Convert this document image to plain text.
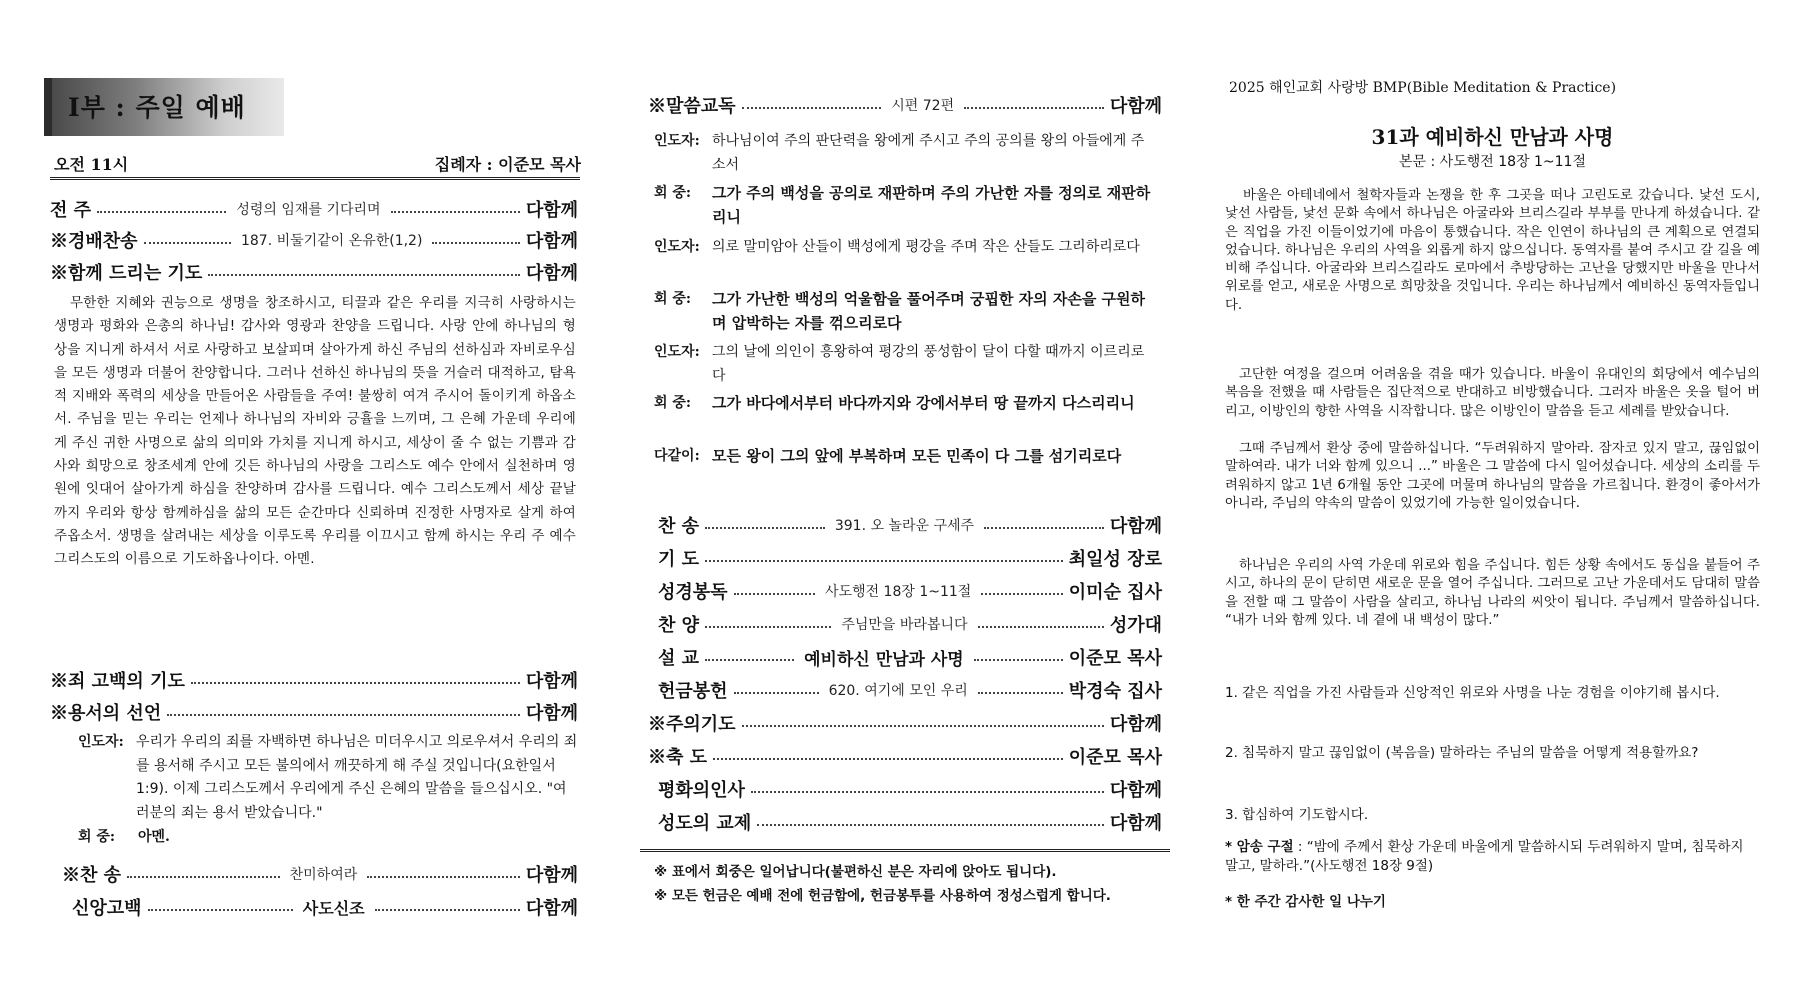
I부 : 주일 예배
오전 11시	집례자 : 이준모 목사
전 주	성령의 임재를 기다리며	다함께
※경배찬송	187. 비둘기같이 온유한(1,2)	다함께
※함께 드리는 기도	다함께
무한한 지혜와 권능으로 생명을 창조하시고, 티끌과 같은 우리를 지극히 사랑하시는 생명과 평화와 은총의 하나님! 감사와 영광과 찬양을 드립니다. 사랑 안에 하나님의 형상을 지니게 하셔서 서로 사랑하고 보살피며 살아가게 하신 주님의 선하심과 자비로우심을 모든 생명과 더불어 찬양합니다. 그러나 선하신 하나님의 뜻을 거슬러 대적하고, 탐욕적 지배와 폭력의 세상을 만들어온 사람들을 주여! 불쌍히 여겨 주시어 돌이키게 하옵소서. 주님을 믿는 우리는 언제나 하나님의 자비와 긍휼을 느끼며, 그 은혜 가운데 우리에게 주신 귀한 사명으로 삶의 의미와 가치를 지니게 하시고, 세상이 줄 수 없는 기쁨과 감사와 희망으로 창조세계 안에 깃든 하나님의 사랑을 그리스도 예수 안에서 실천하며 영원에 잇대어 살아가게 하심을 찬양하며 감사를 드립니다. 예수 그리스도께서 세상 끝날까지 우리와 항상 함께하심을 삶의 모든 순간마다 신뢰하며 진정한 사명자로 살게 하여 주옵소서. 생명을 살려내는 세상을 이루도록 우리를 이끄시고 함께 하시는 우리 주 예수 그리스도의 이름으로 기도하옵나이다. 아멘.
※죄 고백의 기도	다함께
※용서의 선언	다함께
인도자: 우리가 우리의 죄를 자백하면 하나님은 미더우시고 의로우셔서 우리의 죄를 용서해 주시고 모든 불의에서 깨끗하게 해 주실 것입니다(요한일서 1:9). 이제 그리스도께서 우리에게 주신 은혜의 말씀을 들으십시오. "여러분의 죄는 용서 받았습니다."
회 중: 아멘.
※찬 송	찬미하여라	다함께
신앙고백	사도신조	다함께
※말씀교독	시편 72편	다함께
인도자: 하나님이여 주의 판단력을 왕에게 주시고 주의 공의를 왕의 아들에게 주소서
회 중:	그가 주의 백성을 공의로 재판하며 주의 가난한 자를 정의로 재판하리니
인도자: 의로 말미암아 산들이 백성에게 평강을 주며 작은 산들도 그리하리로다
회 중:	그가 가난한 백성의 억울함을 풀어주며 궁핍한 자의 자손을 구원하며 압박하는 자를 꺾으리로다
인도자: 그의 날에 의인이 흥왕하여 평강의 풍성함이 달이 다할 때까지 이르리로다
회 중:	그가 바다에서부터 바다까지와 강에서부터 땅 끝까지 다스리리니
다같이: 모든 왕이 그의 앞에 부복하며 모든 민족이 다 그를 섬기리로다
찬 송	391. 오 놀라운 구세주	다함께
기 도	최일성 장로
성경봉독	사도행전 18장 1~11절	이미순 집사
찬 양	주님만을 바라봅니다	성가대
설 교	예비하신 만남과 사명	이준모 목사
헌금봉헌	620. 여기에 모인 우리	박경숙 집사
※주의기도	다함께
※축 도	이준모 목사
평화의인사	다함께
성도의 교제	다함께
※ 표에서 회중은 일어납니다(불편하신 분은 자리에 앉아도 됩니다).
※ 모든 헌금은 예배 전에 헌금함에, 헌금봉투를 사용하여 정성스럽게 합니다.
2025 해인교회 사랑방 BMP(Bible Meditation & Practice)
31과 예비하신 만남과 사명
본문 : 사도행전 18장 1~11절
바울은 아테네에서 철학자들과 논쟁을 한 후 그곳을 떠나 고린도로 갔습니다. 낯선 도시, 낯선 사람들, 낯선 문화 속에서 하나님은 아굴라와 브리스길라 부부를 만나게 하셨습니다. 같은 직업을 가진 이들이었기에 마음이 통했습니다. 작은 인연이 하나님의 큰 계획으로 연결되었습니다. 하나님은 우리의 사역을 외롭게 하지 않으십니다. 동역자를 붙여 주시고 갈 길을 예비해 주십니다. 아굴라와 브리스길라도 로마에서 추방당하는 고난을 당했지만 바울을 만나서 위로를 얻고, 새로운 사명으로 희망찼을 것입니다. 우리는 하나님께서 예비하신 동역자들입니다.
고단한 여정을 걸으며 어려움을 겪을 때가 있습니다. 바울이 유대인의 회당에서 예수님의 복음을 전했을 때 사람들은 집단적으로 반대하고 비방했습니다. 그러자 바울은 옷을 털어 버리고, 이방인의 향한 사역을 시작합니다. 많은 이방인이 말씀을 듣고 세례를 받았습니다.
그때 주님께서 환상 중에 말씀하십니다. “두려워하지 말아라. 잠자코 있지 말고, 끊임없이 말하여라. 내가 너와 함께 있으니 ...” 바울은 그 말씀에 다시 일어섰습니다. 세상의 소리를 두려워하지 않고 1년 6개월 동안 그곳에 머물며 하나님의 말씀을 가르칩니다. 환경이 좋아서가 아니라, 주님의 약속의 말씀이 있었기에 가능한 일이었습니다.
하나님은 우리의 사역 가운데 위로와 힘을 주십니다. 힘든 상황 속에서도 동십을 붙들어 주시고, 하나의 문이 닫히면 새로운 문을 열어 주십니다. 그러므로 고난 가운데서도 담대히 말씀을 전할 때 그 말씀이 사람을 살리고, 하나님 나라의 씨앗이 됩니다. 주님께서 말씀하십니다. “내가 너와 함께 있다. 네 곁에 내 백성이 많다.”
1. 같은 직업을 가진 사람들과 신앙적인 위로와 사명을 나눈 경험을 이야기해 봅시다.
2. 침묵하지 말고 끊임없이 (복음을) 말하라는 주님의 말씀을 어떻게 적용할까요?
3. 합심하여 기도합시다.
* 암송 구절 : “밤에 주께서 환상 가운데 바울에게 말씀하시되 두려워하지 말며, 침묵하지 말고, 말하라.”(사도행전 18장 9절)
* 한 주간 감사한 일 나누기
